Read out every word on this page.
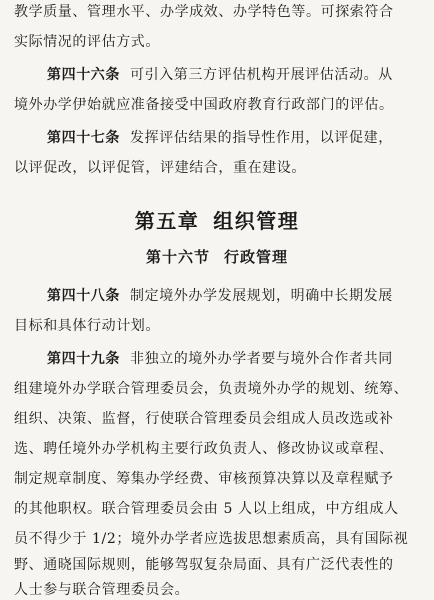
教学质量、管理水平、办学成效、办学特色等。可探索符合
实际情况的评估方式。
第四十六条 可引入第三方评估机构开展评估活动。从
境外办学伊始就应准备接受中国政府教育行政部门的评估。
第四十七条 发挥评估结果的指导性作用，以评促建，
以评促改，以评促管，评建结合，重在建设。
第五章 组织管理
第十六节 行政管理
第四十八条 制定境外办学发展规划，明确中长期发展
目标和具体行动计划。
第四十九条 非独立的境外办学者要与境外合作者共同
组建境外办学联合管理委员会，负责境外办学的规划、统筹、
组织、决策、监督，行使联合管理委员会组成人员改选或补
选、聘任境外办学机构主要行政负责人、修改协议或章程、
制定规章制度、筹集办学经费、审核预算决算以及章程赋予
的其他职权。联合管理委员会由 5 人以上组成，中方组成人
员不得少于 1/2；境外办学者应选拔思想素质高，具有国际视
野、通晓国际规则，能够驾驭复杂局面、具有广泛代表性的
人士参与联合管理委员会。
